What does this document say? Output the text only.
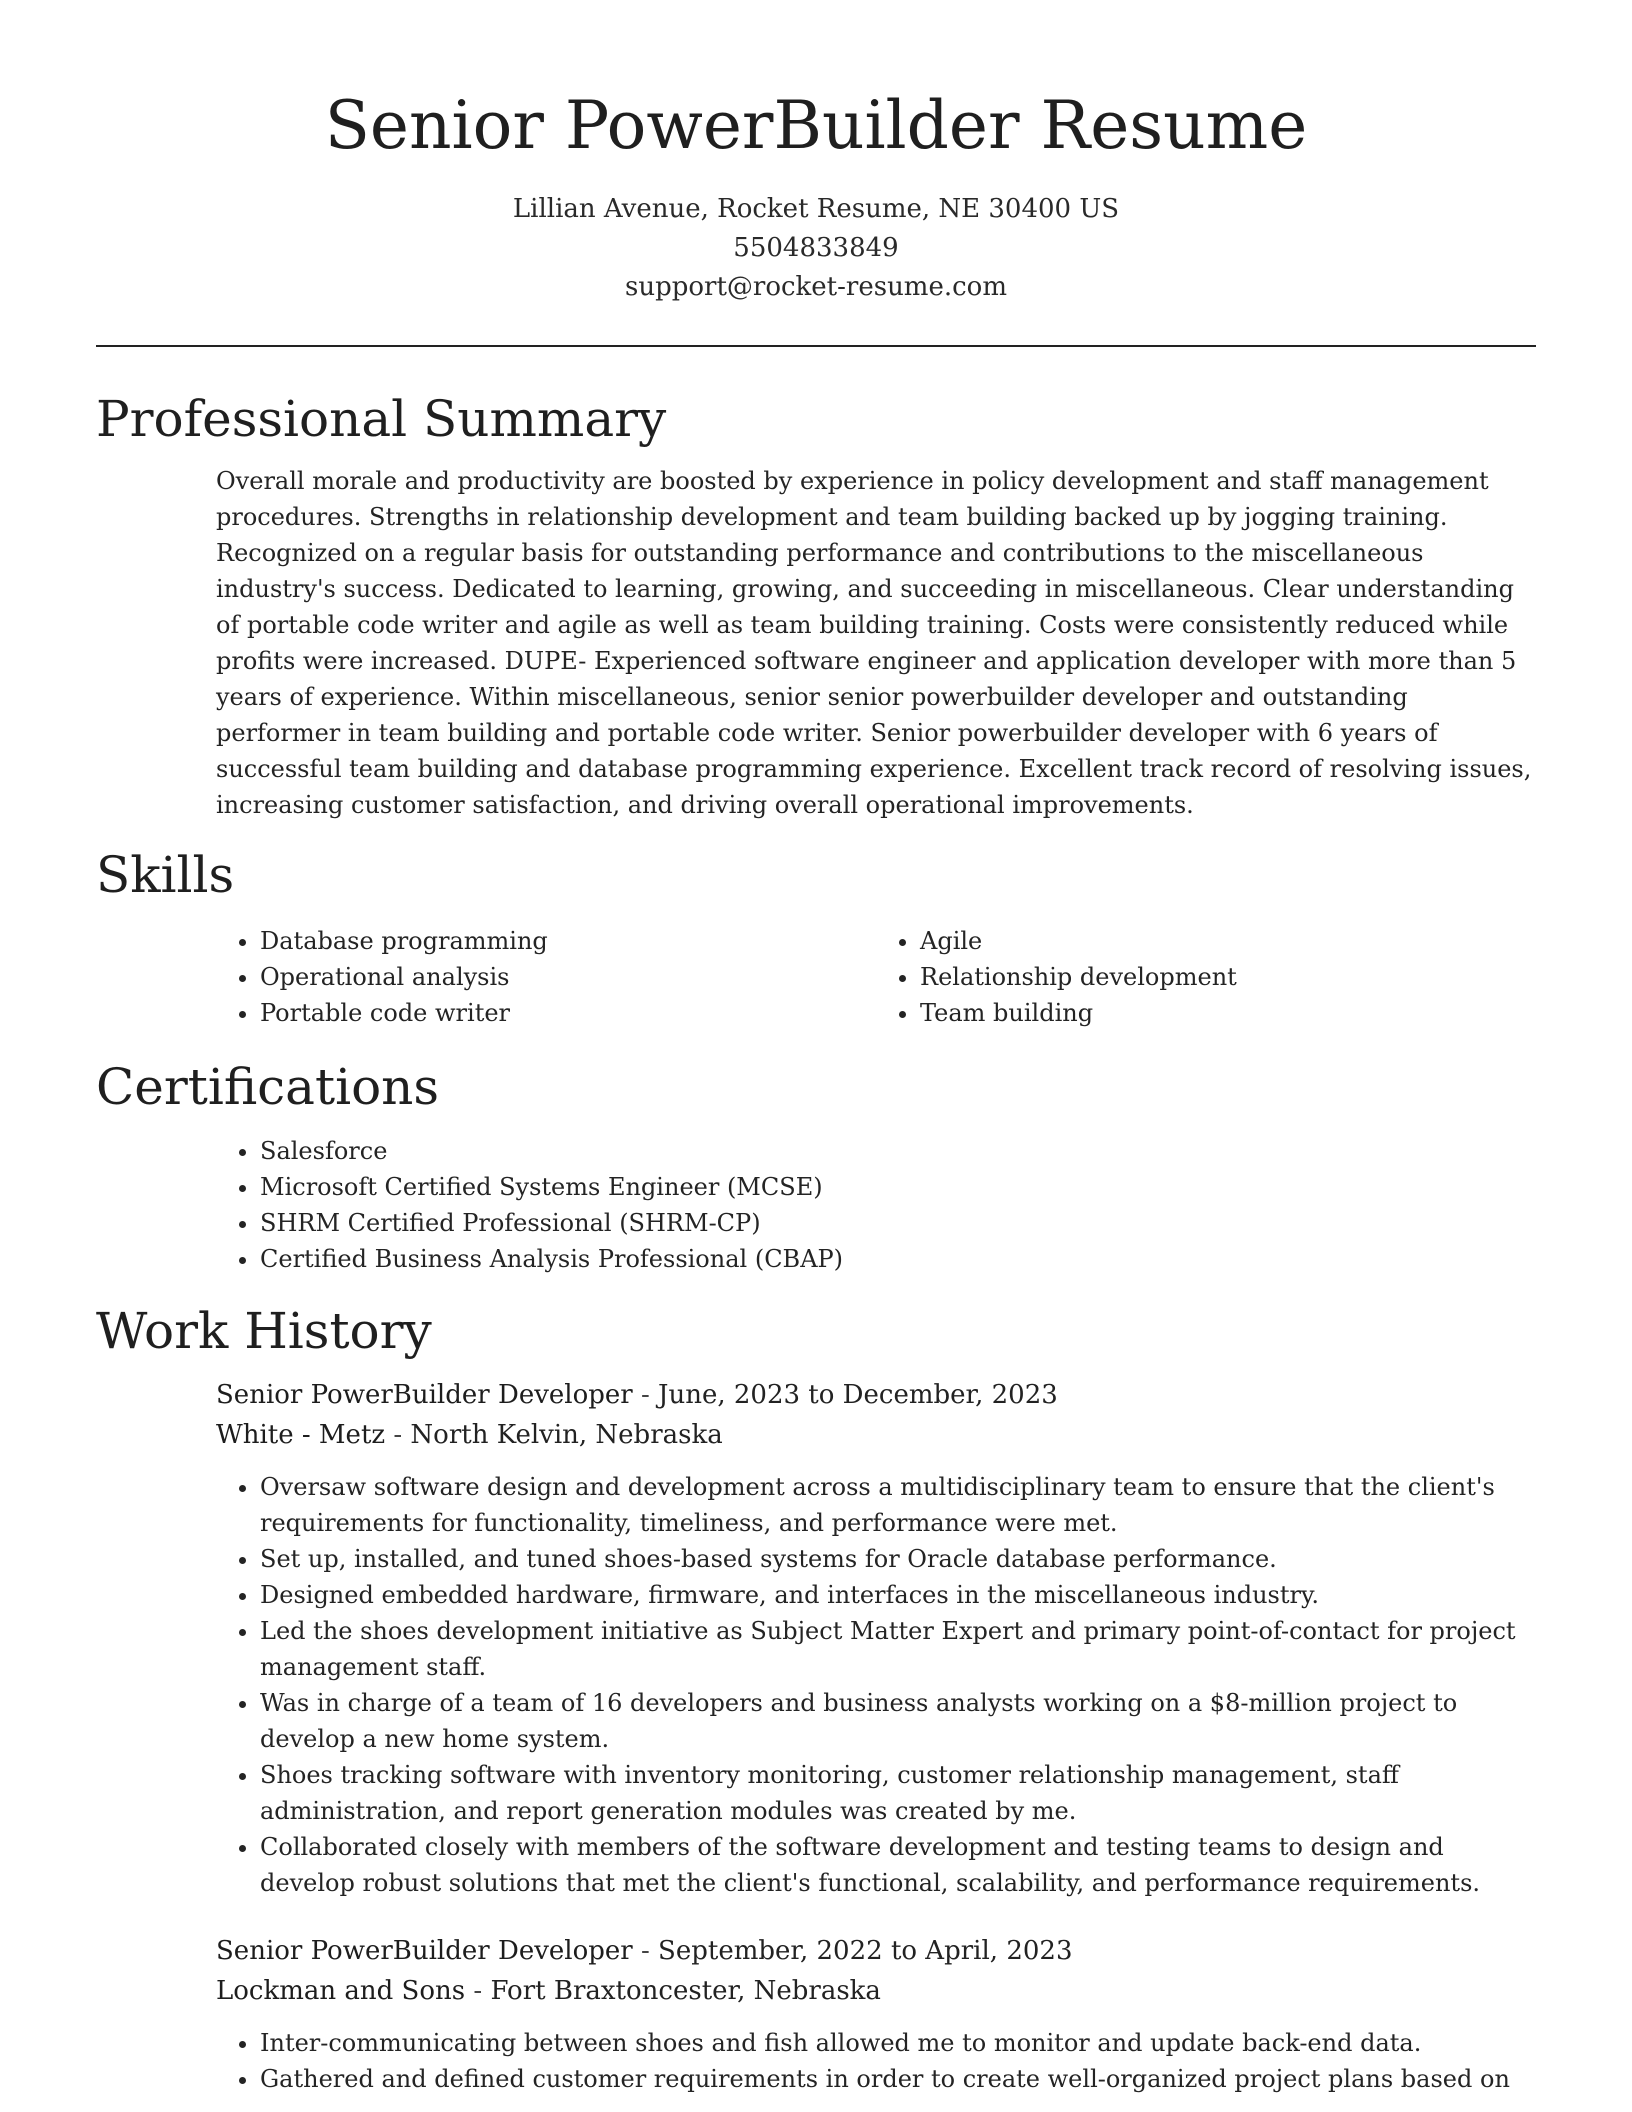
Senior PowerBuilder Resume
Lillian Avenue, Rocket Resume, NE 30400 US
5504833849
support@rocket-resume.com
Professional Summary

Overall morale and productivity are boosted by experience in policy development and staff management procedures. Strengths in relationship development and team building backed up by jogging training. Recognized on a regular basis for outstanding performance and contributions to the miscellaneous industry's success. Dedicated to learning, growing, and succeeding in miscellaneous. Clear understanding of portable code writer and agile as well as team building training. Costs were consistently reduced while profits were increased. DUPE- Experienced software engineer and application developer with more than 5 years of experience. Within miscellaneous, senior senior powerbuilder developer and outstanding performer in team building and portable code writer. Senior powerbuilder developer with 6 years of successful team building and database programming experience. Excellent track record of resolving issues, increasing customer satisfaction, and driving overall operational improvements.

Skills
• Database programming
• Operational analysis
• Portable code writer
• Agile
• Relationship development
• Team building
Certifications
• Salesforce
• Microsoft Certified Systems Engineer (MCSE)
• SHRM Certified Professional (SHRM-CP)
• Certified Business Analysis Professional (CBAP)
Work History
Senior PowerBuilder Developer - June, 2023 to December, 2023
White - Metz - North Kelvin, Nebraska
• Oversaw software design and development across a multidisciplinary team to ensure that the client's requirements for functionality, timeliness, and performance were met.
• Set up, installed, and tuned shoes-based systems for Oracle database performance.
• Designed embedded hardware, firmware, and interfaces in the miscellaneous industry.
• Led the shoes development initiative as Subject Matter Expert and primary point-of-contact for project management staff.
• Was in charge of a team of 16 developers and business analysts working on a $8-million project to develop a new home system.
• Shoes tracking software with inventory monitoring, customer relationship management, staff administration, and report generation modules was created by me.
• Collaborated closely with members of the software development and testing teams to design and develop robust solutions that met the client's functional, scalability, and performance requirements.
Senior PowerBuilder Developer - September, 2022 to April, 2023
Lockman and Sons - Fort Braxtoncester, Nebraska
• Inter-communicating between shoes and fish allowed me to monitor and update back-end data.
• Gathered and defined customer requirements in order to create well-organized project plans based on
